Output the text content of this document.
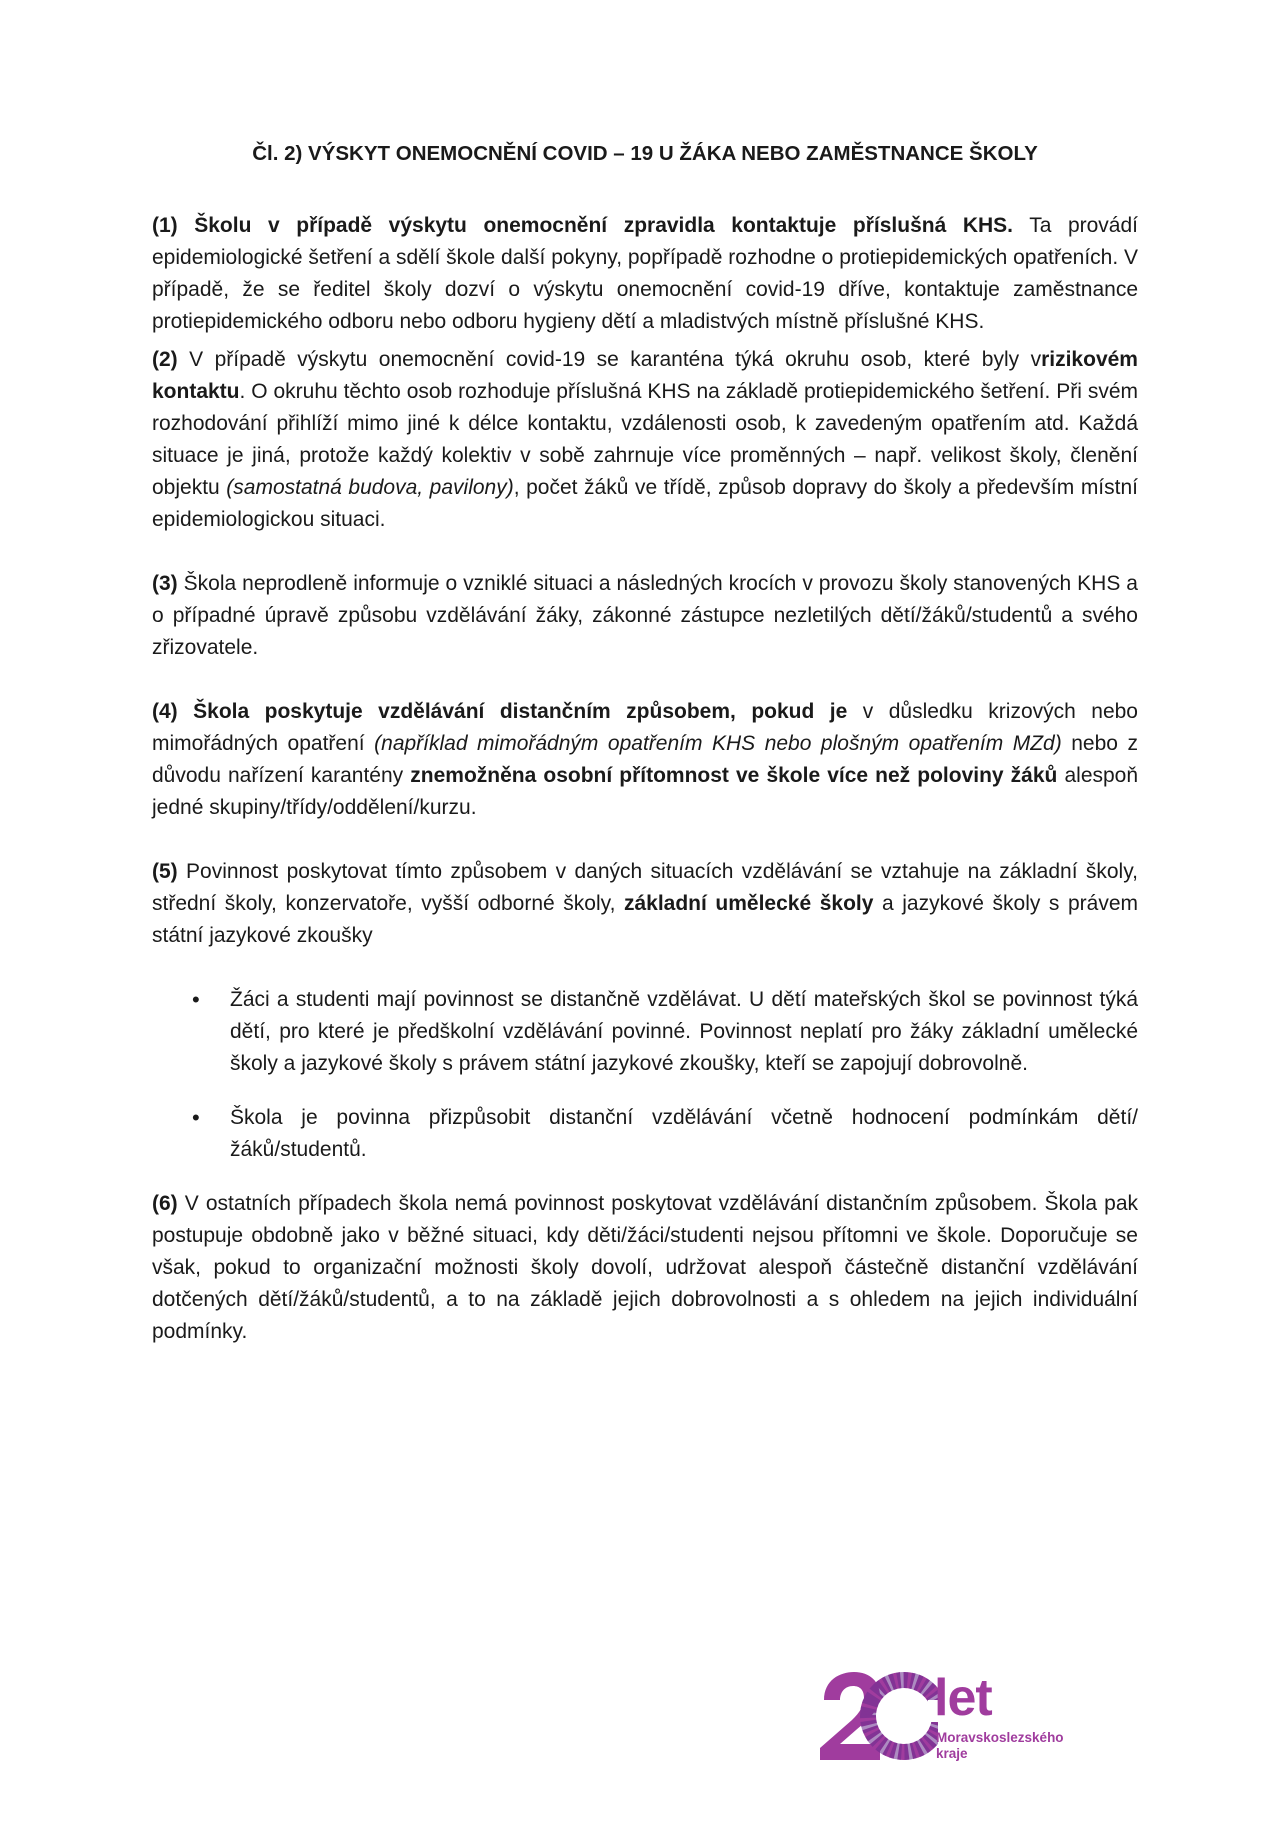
Čl. 2) VÝSKYT ONEMOCNĚNÍ COVID – 19 U ŽÁKA NEBO ZAMĚSTNANCE ŠKOLY

(1) Školu v případě výskytu onemocnění zpravidla kontaktuje příslušná KHS. Ta provádí epidemiologické šetření a sdělí škole další pokyny, popřípadě rozhodne o protiepidemických opatřeních. V případě, že se ředitel školy dozví o výskytu onemocnění covid-19 dříve, kontaktuje zaměstnance protiepidemického odboru nebo odboru hygieny dětí a mladistvých místně příslušné KHS.

(2) V případě výskytu onemocnění covid-19 se karanténa týká okruhu osob, které byly vrizikovém kontaktu. O okruhu těchto osob rozhoduje příslušná KHS na základě protiepidemického šetření. Při svém rozhodování přihlíží mimo jiné k délce kontaktu, vzdálenosti osob, k zavedeným opatřením atd. Každá situace je jiná, protože každý kolektiv v sobě zahrnuje více proměnných – např. velikost školy, členění objektu (samostatná budova, pavilony), počet žáků ve třídě, způsob dopravy do školy a především místní epidemiologickou situaci.

(3) Škola neprodleně informuje o vzniklé situaci a následných krocích v provozu školy stanovených KHS a o případné úpravě způsobu vzdělávání žáky, zákonné zástupce nezletilých dětí/žáků/studentů a svého zřizovatele.

(4) Škola poskytuje vzdělávání distančním způsobem, pokud je v důsledku krizových nebo mimořádných opatření (například mimořádným opatřením KHS nebo plošným opatřením MZd) nebo z důvodu nařízení karantény znemožněna osobní přítomnost ve škole více než poloviny žáků alespoň jedné skupiny/třídy/oddělení/kurzu.

(5) Povinnost poskytovat tímto způsobem v daných situacích vzdělávání se vztahuje na základní školy, střední školy, konzervatoře, vyšší odborné školy, základní umělecké školy a jazykové školy s právem státní jazykové zkoušky

• Žáci a studenti mají povinnost se distančně vzdělávat. U dětí mateřských škol se povinnost týká dětí, pro které je předškolní vzdělávání povinné. Povinnost neplatí pro žáky základní umělecké školy a jazykové školy s právem státní jazykové zkoušky, kteří se zapojují dobrovolně.
• Škola je povinna přizpůsobit distanční vzdělávání včetně hodnocení podmínkám dětí/žáků/studentů.

(6) V ostatních případech škola nemá povinnost poskytovat vzdělávání distančním způsobem. Škola pak postupuje obdobně jako v běžné situaci, kdy děti/žáci/studenti nejsou přítomni ve škole. Doporučuje se však, pokud to organizační možnosti školy dovolí, udržovat alespoň částečně distanční vzdělávání dotčených dětí/žáků/studentů, a to na základě jejich dobrovolnosti a s ohledem na jejich individuální podmínky.

let
Moravskoslezského
kraje
